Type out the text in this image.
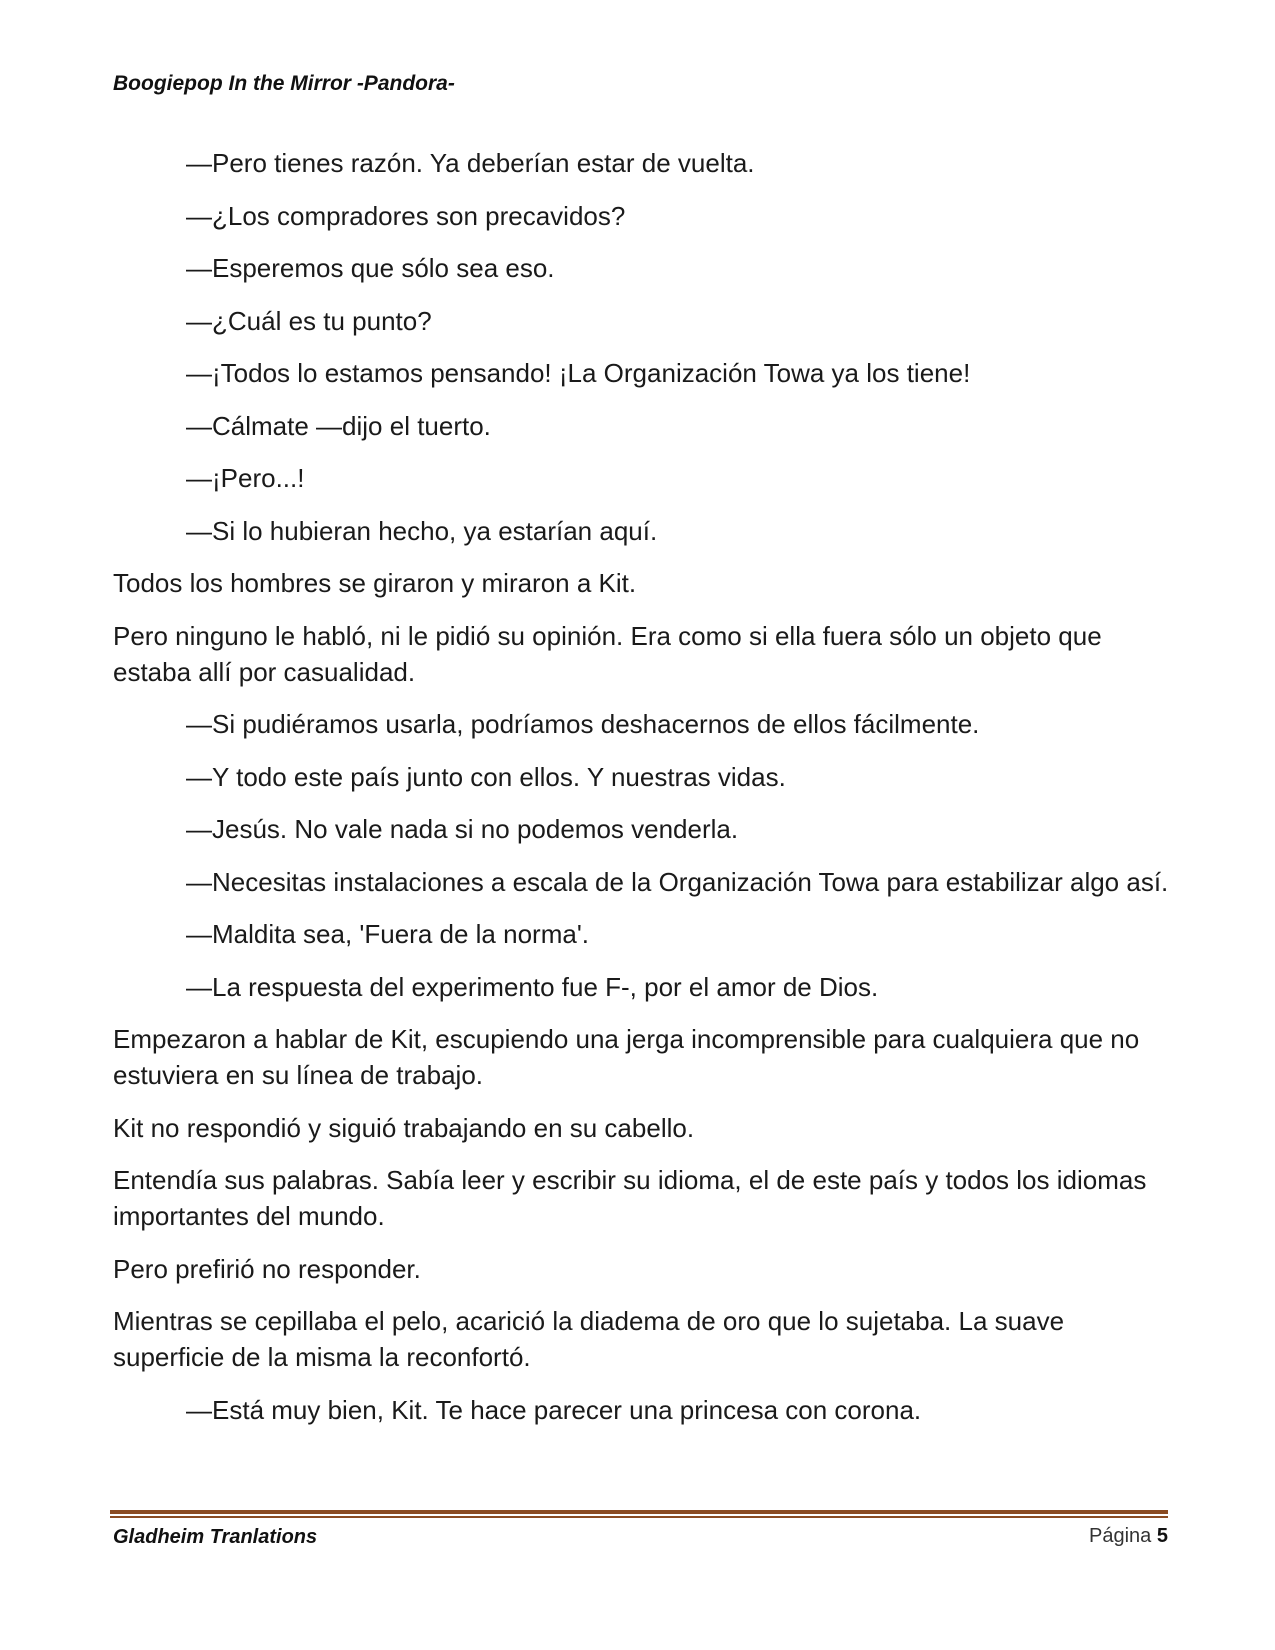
Boogiepop In the Mirror -Pandora-

—Pero tienes razón. Ya deberían estar de vuelta.

—¿Los compradores son precavidos?

—Esperemos que sólo sea eso.

—¿Cuál es tu punto?

—¡Todos lo estamos pensando! ¡La Organización Towa ya los tiene!

—Cálmate —dijo el tuerto.

—¡Pero...!

—Si lo hubieran hecho, ya estarían aquí.

Todos los hombres se giraron y miraron a Kit.

Pero ninguno le habló, ni le pidió su opinión. Era como si ella fuera sólo un objeto que estaba allí por casualidad.

—Si pudiéramos usarla, podríamos deshacernos de ellos fácilmente.

—Y todo este país junto con ellos. Y nuestras vidas.

—Jesús. No vale nada si no podemos venderla.

—Necesitas instalaciones a escala de la Organización Towa para estabilizar algo así.

—Maldita sea, 'Fuera de la norma'.

—La respuesta del experimento fue F-, por el amor de Dios.

Empezaron a hablar de Kit, escupiendo una jerga incomprensible para cualquiera que no estuviera en su línea de trabajo.

Kit no respondió y siguió trabajando en su cabello.

Entendía sus palabras. Sabía leer y escribir su idioma, el de este país y todos los idiomas importantes del mundo.

Pero prefirió no responder.

Mientras se cepillaba el pelo, acarició la diadema de oro que lo sujetaba. La suave superficie de la misma la reconfortó.

—Está muy bien, Kit. Te hace parecer una princesa con corona.

Gladheim Tranlations	Página 5
